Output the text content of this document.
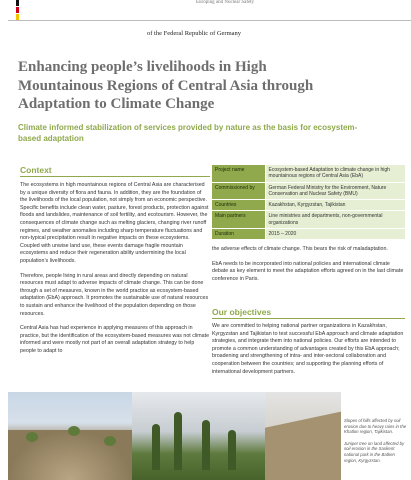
Europing and Nuclear Safety
of the Federal Republic of Germany
Enhancing people’s livelihoods in High Mountainous Regions of Central Asia through Adaptation to Climate Change
Climate informed stabilization of services provided by nature as the basis for ecosystem-based adaptation
Context

The ecosystems in high mountainous regions of Central Asia are characterised by a unique diversity of flora and fauna. In addition, they are the foundation of the livelihoods of the local population, not simply from an economic perspective. Specific benefits include clean water, pasture, forest products, protection against floods and landslides, maintenance of soil fertility, and ecotourism. However, the consequences of climate change such as melting glaciers, changing river runoff regimes, and weather anomalies including sharp temperature fluctuations and non-typical precipitation result in negative impacts on these ecosystems. Coupled with unwise land use, these events damage fragile mountain ecosystems and reduce their regeneration ability undermining the local population’s livelihoods.

Therefore, people living in rural areas and directly depending on natural resources must adapt to adverse impacts of climate change. This can be done through a set of measures, known in the world practice as ecosystem-based adaptation (EbA) approach. It promotes the sustainable use of natural resources to sustain and enhance the livelihood of the population depending on those resources.

Central Asia has had experience in applying measures of this approach in practice, but the identification of the ecosystem-based measures was not climate informed and were mostly not part of an overall adaptation strategy to help people to adapt to

Project name	Ecosystem-based Adaptation to climate change in high mountainous regions of Central Asia (EbA)
Commissioned by	German Federal Ministry for the Environment, Nature Conservation and Nuclear Safety (BMU)
Countries	Kazakhstan, Kyrgyzstan, Tajikistan
Main partners	Line ministries and departments, non-governmental organizations
Duration	2015 – 2020

the adverse effects of climate change. This bears the risk of maladaptation.

EbA needs to be incorporated into national policies and international climate debate as key element to meet the adaptation efforts agreed on in the last climate conference in Paris.

Our objectives
We are committed to helping national partner organizations in Kazakhstan, Kyrgyzstan and Tajikistan to test successful EbA approach and climate adaptation strategies, and integrate them into national policies. Our efforts are intended to promote a common understanding of advantages created by this EbA approach; broadening and strengthening of intra- and inter-sectoral collaboration and cooperation between the countries; and supporting the planning efforts of international development partners.

Slopes of hills affected by soil erosion due to heavy rains in the Khatlon region, Tajikistan.

Juniper tree on land affected by soil erosion in the Sarikent national park in the Batken region, Kyrgyzstan.
